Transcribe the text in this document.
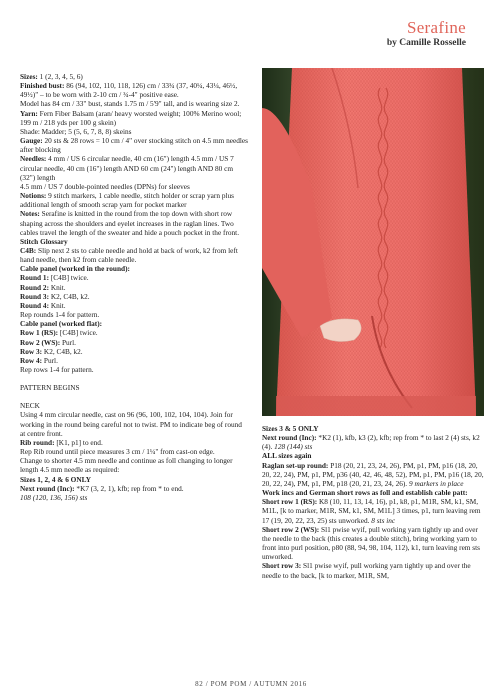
Serafine
by Camille Rosselle

Sizes: 1 (2, 3, 4, 5, 6)

Finished bust: 86 (94, 102, 110, 118, 126) cm / 33¾ (37, 40¼, 43¼, 46½, 49½)" – to be worn with 2-10 cm / ¾-4" positive ease.

Model has 84 cm / 33" bust, stands 1.75 m / 5'9" tall, and is wearing size 2.

Yarn: Fern Fiber Balsam (aran/ heavy worsted weight; 100% Merino wool; 199 m / 218 yds per 100 g skein)

Shade: Madder; 5 (5, 6, 7, 8, 8) skeins

Gauge: 20 sts & 28 rows = 10 cm / 4" over stocking stitch on 4.5 mm needles after blocking

Needles: 4 mm / US 6 circular needle, 40 cm (16") length 4.5 mm / US 7 circular needle, 40 cm (16") length AND 60 cm (24") length AND 80 cm (32") length

4.5 mm / US 7 double-pointed needles (DPNs) for sleeves

Notions: 9 stitch markers, 1 cable needle, stitch holder or scrap yarn plus additional length of smooth scrap yarn for pocket marker

Notes: Serafine is knitted in the round from the top down with short row shaping across the shoulders and eyelet increases in the raglan lines. Two cables travel the length of the sweater and hide a pouch pocket in the front.

Stitch Glossary

C4B: Slip next 2 sts to cable needle and hold at back of work, k2 from left hand needle, then k2 from cable needle.

Cable panel (worked in the round):

Round 1: [C4B] twice.

Round 2: Knit.

Round 3: K2, C4B, k2.

Round 4: Knit.

Rep rounds 1-4 for pattern.

Cable panel (worked flat):

Row 1 (RS): [C4B] twice.

Row 2 (WS): Purl.

Row 3: K2, C4B, k2.

Row 4: Purl.

Rep rows 1-4 for pattern.

PATTERN BEGINS

NECK

Using 4 mm circular needle, cast on 96 (96, 100, 102, 104, 104). Join for working in the round being careful not to twist. PM to indicate beg of round at centre front.

Rib round: [K1, p1] to end.

Rep Rib round until piece measures 3 cm / 1¼" from cast-on edge.

Change to shorter 4.5 mm needle and continue as foll changing to longer length 4.5 mm needle as required:

Sizes 1, 2, 4 & 6 ONLY

Next round (Inc): *K7 (3, 2, 1), kfb; rep from * to end.

108 (120, 136, 156) sts

Sizes 3 & 5 ONLY

Next round (Inc): *K2 (1), kfb, k3 (2), kfb; rep from * to last 2 (4) sts, k2 (4). 128 (144) sts

ALL sizes again

Raglan set-up round: P18 (20, 21, 23, 24, 26), PM, p1, PM, p16 (18, 20, 20, 22, 24), PM, p1, PM, p36 (40, 42, 46, 48, 52), PM, p1, PM, p16 (18, 20, 20, 22, 24), PM, p1, PM, p18 (20, 21, 23, 24, 26). 9 markers in place

Work incs and German short rows as foll and establish cable patt:

Short row 1 (RS): K8 (10, 11, 13, 14, 16), p1, k8, p1, M1R, SM, k1, SM, M1L, [k to marker, M1R, SM, k1, SM, M1L] 3 times, p1, turn leaving rem 17 (19, 20, 22, 23, 25) sts unworked. 8 sts inc

Short row 2 (WS): Sl1 pwise wyif, pull working yarn tightly up and over the needle to the back (this creates a double stitch), bring working yarn to front into purl position, p80 (88, 94, 98, 104, 112), k1, turn leaving rem sts unworked.

Short row 3: Sl1 pwise wyif, pull working yarn tightly up and over the needle to the back, [k to marker, M1R, SM,

82 / POM POM / AUTUMN 2016
